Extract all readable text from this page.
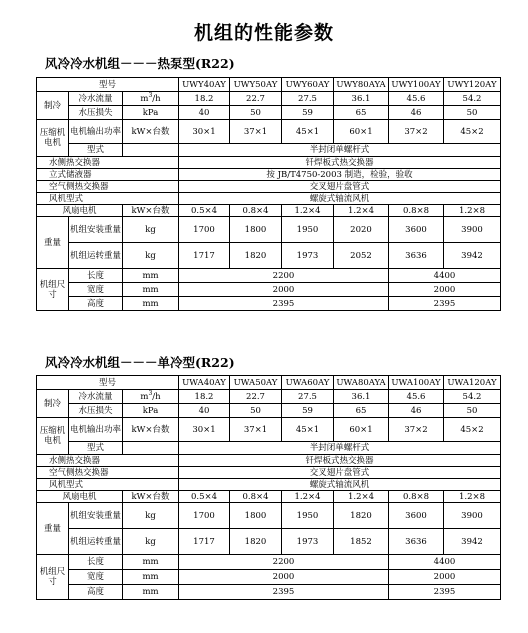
机组的性能参数
风冷冷水机组－－－热泵型(R22)
型号			UWY40AY	UWY50AY	UWY60AY	UWY80AYA	UWY100AY	UWY120AY
制冷	冷水流量	$m^3/h$	18.2	22.7	27.5	36.1	45.6	54.2
	水压损失	kPa	40	50	59	65	46	50
压缩机电机	电机输出功率	kW×台数	30×1	37×1	45×1	60×1	37×2	45×2
	型式		半封闭单螺杆式					
水侧热交换器			钎焊板式热交换器					
立式储液器			按 JB/T4750-2003 制造，检验，验收					
空气侧热交换器			交叉翅片盘管式					
风机型式			螺旋式轴流风机					
风扇电机		kW×台数	0.5×4	0.8×4	1.2×4	1.2×4	0.8×8	1.2×8
重量	机组安装重量	kg	1700	1800	1950	2020	3600	3900
	机组运转重量	kg	1717	1820	1973	2052	3636	3942
机组尺寸	长度	mm	2200				4400	
	宽度	mm	2000				2000	
	高度	mm	2395				2395	
风冷冷水机组－－－单冷型(R22)
型号			UWA40AY	UWA50AY	UWA60AY	UWA80AYA	UWA100AY	UWA120AY
制冷	冷水流量	$m^3/h$	18.2	22.7	27.5	36.1	45.6	54.2
	水压损失	kPa	40	50	59	65	46	50
压缩机电机	电机输出功率	kW×台数	30×1	37×1	45×1	60×1	37×2	45×2
	型式		半封闭单螺杆式					
水侧热交换器			钎焊板式热交换器					
空气侧热交换器			交叉翅片盘管式					
风机型式			螺旋式轴流风机					
风扇电机		kW×台数	0.5×4	0.8×4	1.2×4	1.2×4	0.8×8	1.2×8
重量	机组安装重量	kg	1700	1800	1950	1820	3600	3900
	机组运转重量	kg	1717	1820	1973	1852	3636	3942
机组尺寸	长度	mm	2200				4400	
	宽度	mm	2000				2000	
	高度	mm	2395				2395	
